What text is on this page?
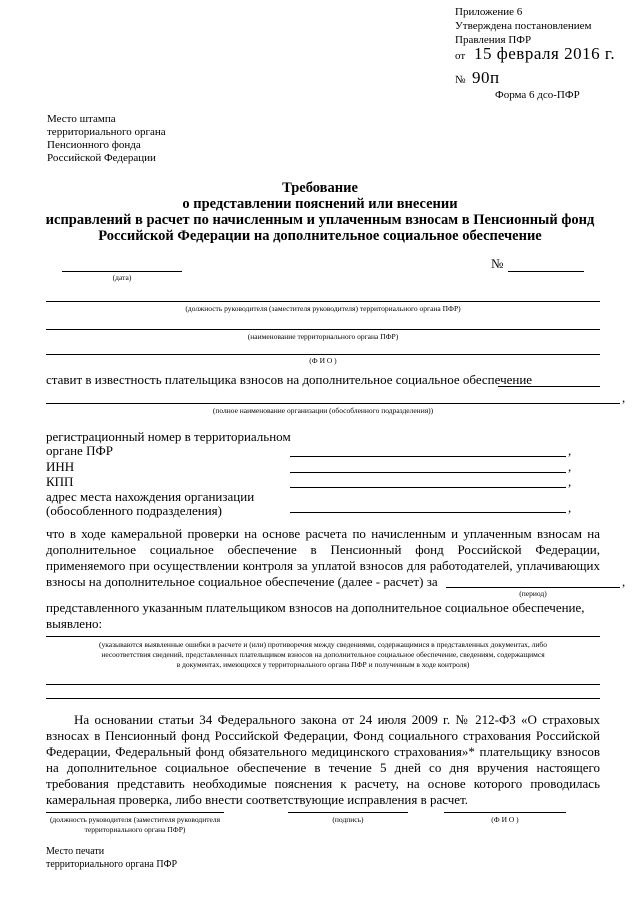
Приложение 6
Утверждена постановлением
Правления ПФР
от 15 февраля 2016 г.
№ 90п
Форма 6 дсо-ПФР
Место штампа
территориального органа
Пенсионного фонда
Российской Федерации
Требование
о представлении пояснений или внесении
исправлений в расчет по начисленным и уплаченным взносам в Пенсионный фонд
Российской Федерации на дополнительное социальное обеспечение
(дата)
№
(должность руководителя (заместителя руководителя) территориального органа ПФР)
(наименование территориального органа ПФР)
(Ф И О )
ставит в известность плательщика взносов на дополнительное социальное обеспечение
,
(полное наименование организации (обособленного подразделения))
регистрационный номер в территориальном
органе ПФР	,
ИНН	,
КПП	,
адрес места нахождения организации
(обособленного подразделения)	,
что в ходе камеральной проверки на основе расчета по начисленным и уплаченным взносам на
дополнительное социальное обеспечение в Пенсионный фонд Российской Федерации,
применяемого при осуществлении контроля за уплатой взносов для работодателей, уплачивающих
взносы на дополнительное социальное обеспечение (далее - расчет) за	,
(период)
представленного указанным плательщиком взносов на дополнительное социальное обеспечение,
выявлено:
(указываются выявленные ошибки в расчете и (или) противоречия между сведениями, содержащимися в представленных документах, либо
несоответствия сведений, представленных плательщиком взносов на дополнительное социальное обеспечение, сведениям, содержащимся
в документах, имеющихся у территориального органа ПФР и полученным в ходе контроля)
На основании статьи 34 Федерального закона от 24 июля 2009 г. № 212-ФЗ «О страховых
взносах в Пенсионный фонд Российской Федерации, Фонд социального страхования Российской
Федерации, Федеральный фонд обязательного медицинского страхования»* плательщику взносов
на дополнительное социальное обеспечение в течение 5 дней со дня вручения настоящего
требования представить необходимые пояснения к расчету, на основе которого проводилась
камеральная проверка, либо внести соответствующие исправления в расчет.
(должность руководителя (заместителя руководителя
территориального органа ПФР)
(подпись)	(Ф И О )
Место печати
территориального органа ПФР
